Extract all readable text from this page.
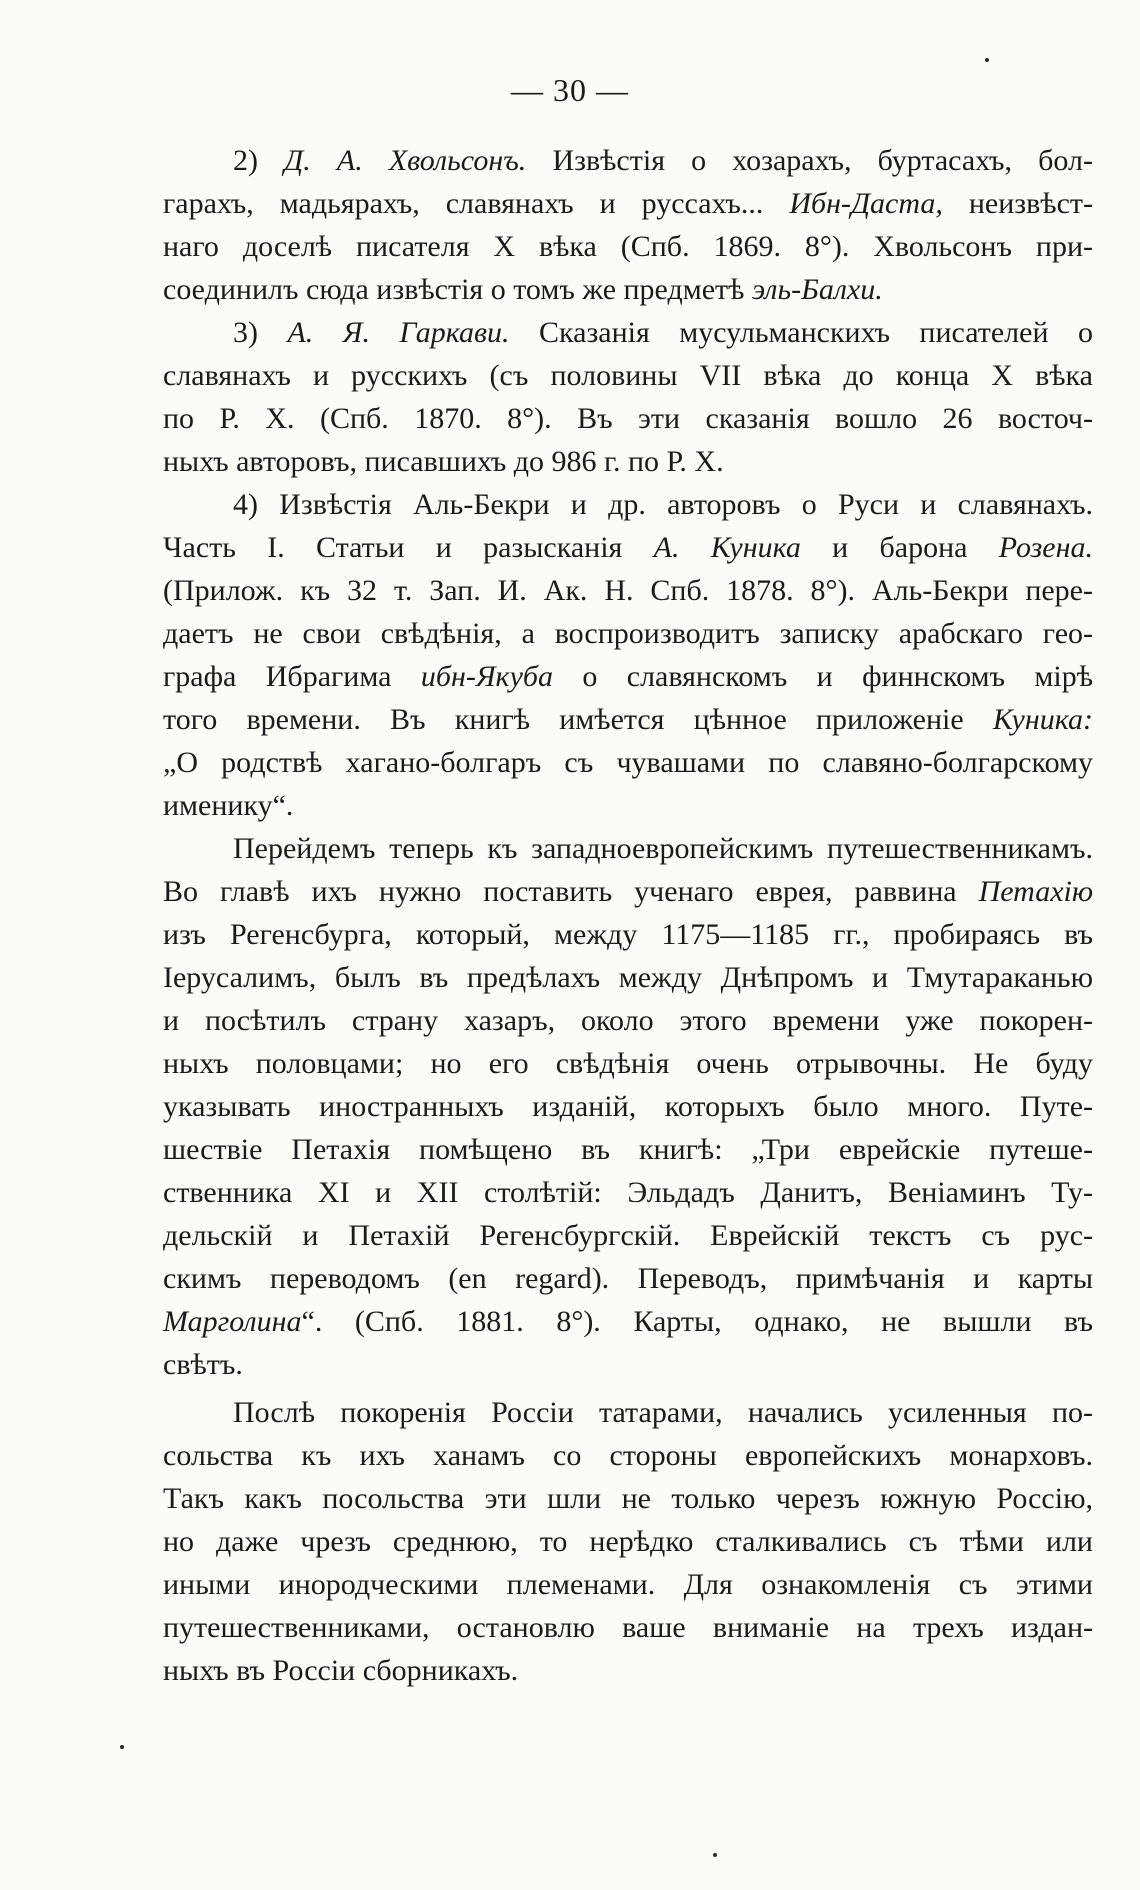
— 30 —
2) Д. А. Хвольсонъ. Извѣстія о хозарахъ, буртасахъ, бол-
гарахъ, мадьярахъ, славянахъ и руссахъ... Ибн-Даста, неизвѣст-
наго доселѣ писателя X вѣка (Спб. 1869. 8°). Хвольсонъ при-
соединилъ сюда извѣстія о томъ же предметѣ эль-Балхи.
3) А. Я. Гаркави. Сказанія мусульманскихъ писателей о
славянахъ и русскихъ (съ половины VII вѣка до конца X вѣка
по Р. X. (Спб. 1870. 8°). Въ эти сказанія вошло 26 восточ-
ныхъ авторовъ, писавшихъ до 986 г. по Р. X.
4) Извѣстія Аль-Бекри и др. авторовъ о Руси и славянахъ.
Часть I. Статьи и разысканія А. Куника и барона Розена.
(Прилож. къ 32 т. Зап. И. Ак. Н. Спб. 1878. 8°). Аль-Бекри пере-
даетъ не свои свѣдѣнія, а воспроизводитъ записку арабскаго гео-
графа Ибрагима ибн-Якуба о славянскомъ и финнскомъ мірѣ
того времени. Въ книгѣ имѣется цѣнное приложеніе Куника:
„О родствѣ хагано-болгаръ съ чувашами по славяно-болгарскому
именику“.
Перейдемъ теперь къ западноевропейскимъ путешественникамъ.
Во главѣ ихъ нужно поставить ученаго еврея, раввина Петахію
изъ Регенсбурга, который, между 1175—1185 гг., пробираясь въ
Іерусалимъ, былъ въ предѣлахъ между Днѣпромъ и Тмутараканью
и посѣтилъ страну хазаръ, около этого времени уже покорен-
ныхъ половцами; но его свѣдѣнія очень отрывочны. Не буду
указывать иностранныхъ изданій, которыхъ было много. Путе-
шествіе Петахія помѣщено въ книгѣ: „Три еврейскіе путеше-
ственника XI и XII столѣтій: Эльдадъ Данитъ, Веніаминъ Ту-
дельскій и Петахій Регенсбургскій. Еврейскій текстъ съ рус-
скимъ переводомъ (en regard). Переводъ, примѣчанія и карты
Марголина“. (Спб. 1881. 8°). Карты, однако, не вышли въ
свѣтъ.
Послѣ покоренія Россіи татарами, начались усиленныя по-
сольства къ ихъ ханамъ со стороны европейскихъ монарховъ.
Такъ какъ посольства эти шли не только черезъ южную Россію,
но даже чрезъ среднюю, то нерѣдко сталкивались съ тѣми или
иными инородческими племенами. Для ознакомленія съ этими
путешественниками, остановлю ваше вниманіе на трехъ издан-
ныхъ въ Россіи сборникахъ.
